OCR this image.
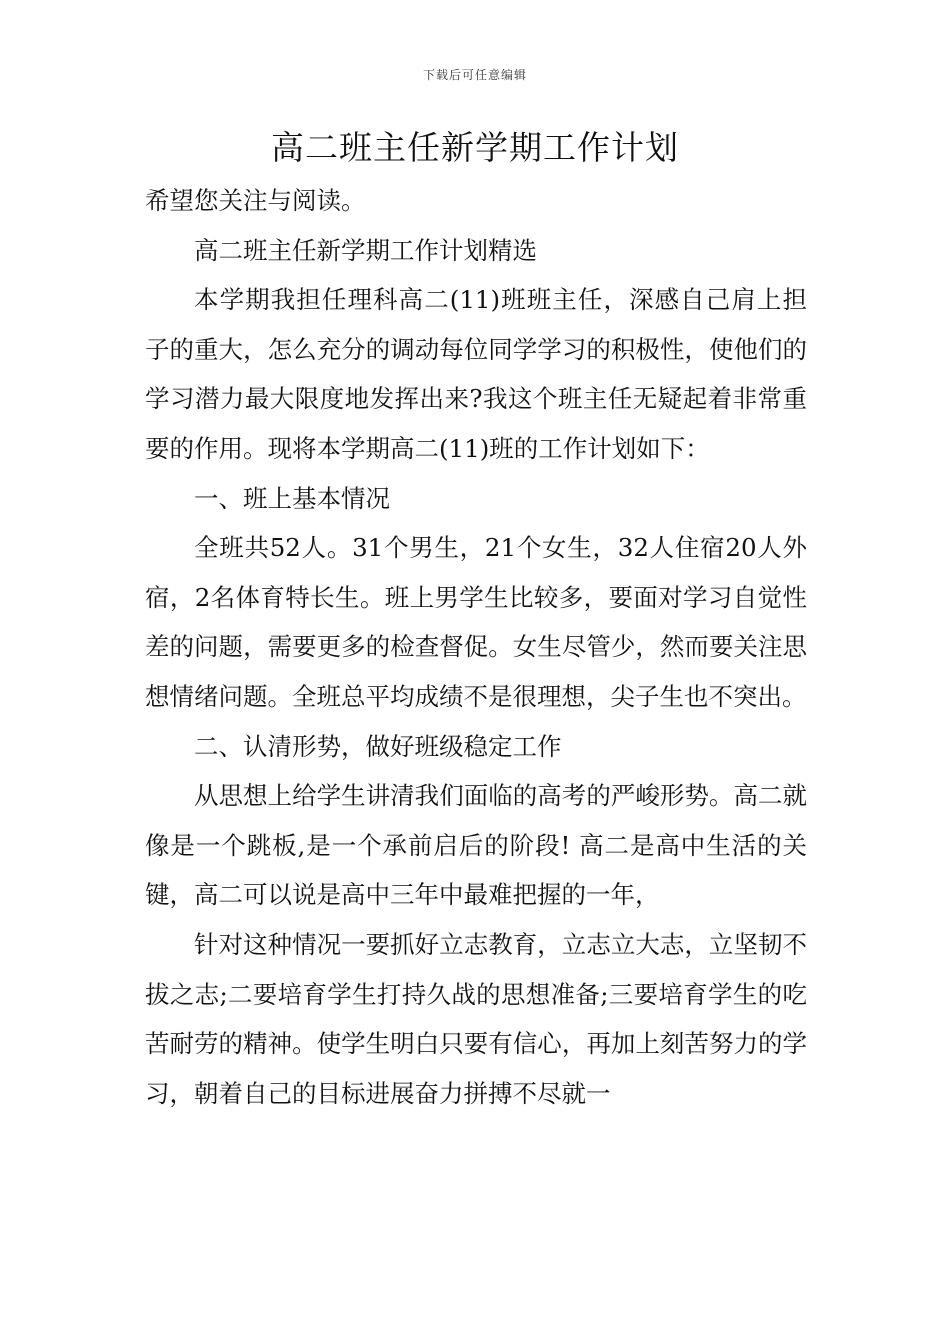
下载后可任意编辑
高二班主任新学期工作计划

希望您关注与阅读。

高二班主任新学期工作计划精选

本学期我担任理科高二(11)班班主任，深感自己肩上担子的重大，怎么充分的调动每位同学学习的积极性，使他们的学习潜力最大限度地发挥出来?我这个班主任无疑起着非常重要的作用。现将本学期高二(11)班的工作计划如下：

一、班上基本情况

全班共52人。31个男生，21个女生，32人住宿20人外宿，2名体育特长生。班上男学生比较多，要面对学习自觉性差的问题，需要更多的检查督促。女生尽管少，然而要关注思想情绪问题。全班总平均成绩不是很理想，尖子生也不突出。

二、认清形势，做好班级稳定工作

从思想上给学生讲清我们面临的高考的严峻形势。高二就像是一个跳板,是一个承前启后的阶段! 高二是高中生活的关键，高二可以说是高中三年中最难把握的一年，

针对这种情况一要抓好立志教育，立志立大志，立坚韧不拔之志;二要培育学生打持久战的思想准备;三要培育学生的吃苦耐劳的精神。使学生明白只要有信心，再加上刻苦努力的学习，朝着自己的目标进展奋力拼搏不尽就一
